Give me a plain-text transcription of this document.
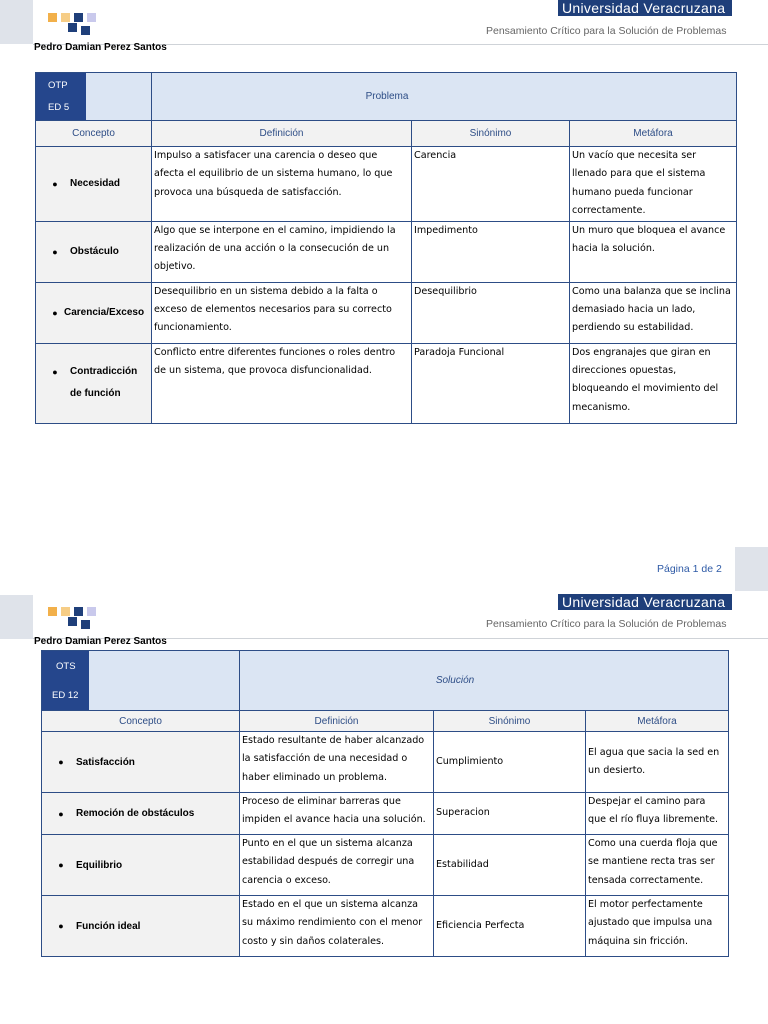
Universidad Veracruzana
Pensamiento Crítico para la Solución de Problemas
Pedro Damian Perez Santos
OTP
ED 5	Problema		
Concepto	Definición	Sinónimo	Metáfora

● Necesidad	Impulso a satisfacer una carencia o deseo que afecta el equilibrio de un sistema humano, lo que provoca una búsqueda de satisfacción.	Carencia	Un vacío que necesita ser llenado para que el sistema humano pueda funcionar correctamente.

● Obstáculo	Algo que se interpone en el camino, impidiendo la realización de una acción o la consecución de un objetivo.	Impedimento	Un muro que bloquea el avance hacia la solución.

● Carencia/Exceso	Desequilibrio en un sistema debido a la falta o exceso de elementos necesarios para su correcto funcionamiento.	Desequilibrio	Como una balanza que se inclina demasiado hacia un lado, perdiendo su estabilidad.

● Contradicción de función	Conflicto entre diferentes funciones o roles dentro de un sistema, que provoca disfuncionalidad.	Paradoja Funcional	Dos engranajes que giran en direcciones opuestas, bloqueando el movimiento del mecanismo.
Página 1 de 2
Universidad Veracruzana
Pensamiento Crítico para la Solución de Problemas
Pedro Damian Perez Santos
OTS
ED 12	Solución		
Concepto	Definición	Sinónimo	Metáfora

● Satisfacción	Estado resultante de haber alcanzado la satisfacción de una necesidad o haber eliminado un problema.	Cumplimiento	El agua que sacia la sed en un desierto.

● Remoción de obstáculos	Proceso de eliminar barreras que impiden el avance hacia una solución.	Superacion	Despejar el camino para que el río fluya libremente.

● Equilibrio	Punto en el que un sistema alcanza estabilidad después de corregir una carencia o exceso.	Estabilidad	Como una cuerda floja que se mantiene recta tras ser tensada correctamente.

● Función ideal	Estado en el que un sistema alcanza su máximo rendimiento con el menor costo y sin daños colaterales.	Eficiencia Perfecta	El motor perfectamente ajustado que impulsa una máquina sin fricción.
